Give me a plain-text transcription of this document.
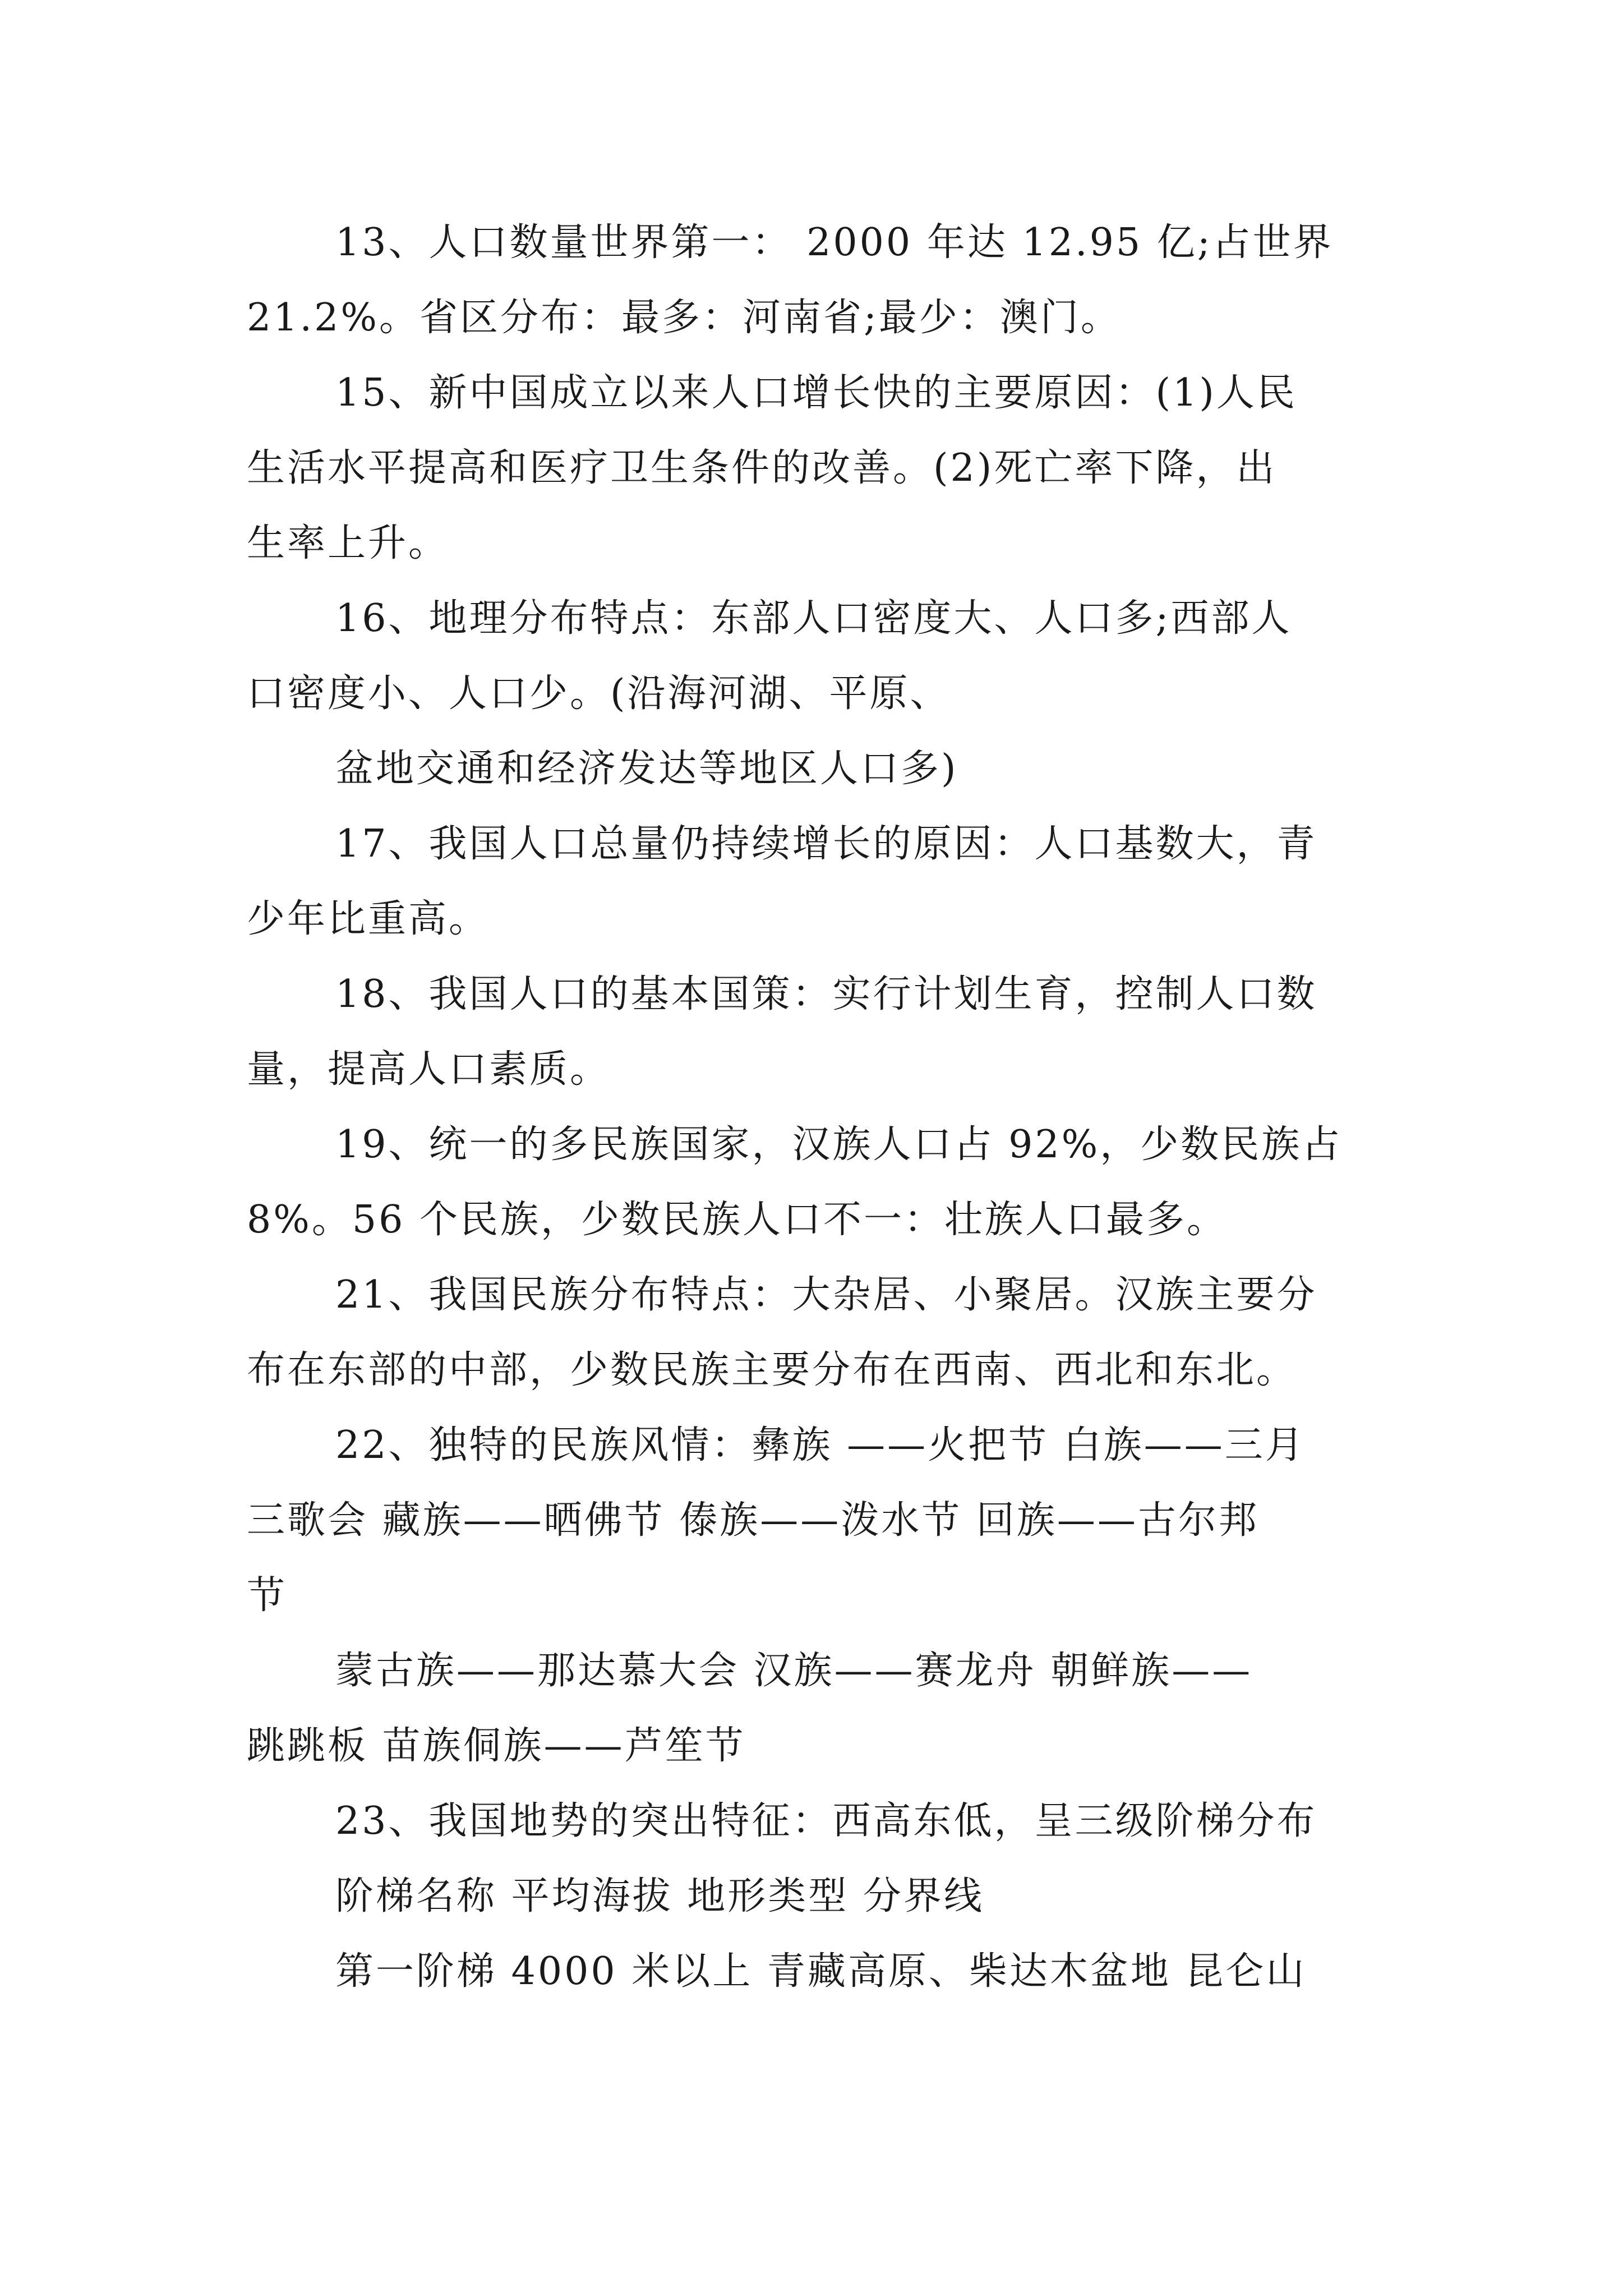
13、人口数量世界第一： 2000 年达 12.95 亿;占世界
21.2%。省区分布：最多：河南省;最少：澳门。
15、新中国成立以来人口增长快的主要原因：(1)人民
生活水平提高和医疗卫生条件的改善。(2)死亡率下降，出
生率上升。
16、地理分布特点：东部人口密度大、人口多;西部人
口密度小、人口少。(沿海河湖、平原、
盆地交通和经济发达等地区人口多)
17、我国人口总量仍持续增长的原因：人口基数大，青
少年比重高。
18、我国人口的基本国策：实行计划生育，控制人口数
量，提高人口素质。
19、统一的多民族国家，汉族人口占 92%，少数民族占
8%。56 个民族，少数民族人口不一：壮族人口最多。
21、我国民族分布特点：大杂居、小聚居。汉族主要分
布在东部的中部，少数民族主要分布在西南、西北和东北。
22、独特的民族风情：彝族 ——火把节 白族——三月
三歌会 藏族——晒佛节 傣族——泼水节 回族——古尔邦
节
蒙古族——那达慕大会 汉族——赛龙舟 朝鲜族——
跳跳板 苗族侗族——芦笙节
23、我国地势的突出特征：西高东低，呈三级阶梯分布
阶梯名称 平均海拔 地形类型 分界线
第一阶梯 4000 米以上 青藏高原、柴达木盆地 昆仑山
